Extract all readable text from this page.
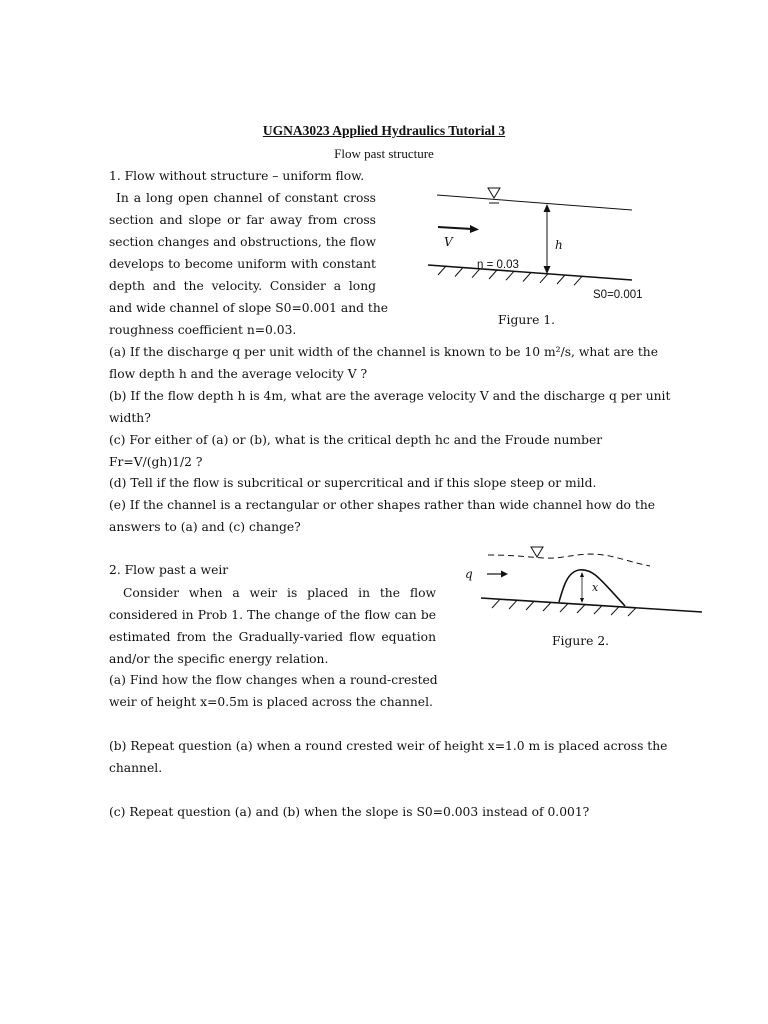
UGNA3023 Applied Hydraulics Tutorial 3
Flow past structure
1. Flow without structure – uniform flow.
In a long open channel of constant cross
section and slope or far away from cross
section changes and obstructions, the flow
develops to become uniform with constant
depth and the velocity. Consider a long
and wide channel of slope S0=0.001 and the
roughness coefficient n=0.03.
(a) If the discharge q per unit width of the channel is known to be 10 m²/s, what are the
flow depth h and the average velocity V ?
(b) If the flow depth h is 4m, what are the average velocity V and the discharge q per unit
width?
(c) For either of (a) or (b), what is the critical depth hc and the Froude number
Fr=V/(gh)1/2 ?
(d) Tell if the flow is subcritical or supercritical and if this slope steep or mild.
(e) If the channel is a rectangular or other shapes rather than wide channel how do the
answers to (a) and (c) change?
V	h
n = 0.03
S0=0.001
Figure 1.
2. Flow past a weir
Consider when a weir is placed in the flow
considered in Prob 1. The change of the flow can be
estimated from the Gradually-varied flow equation
and/or the specific energy relation.
(a) Find how the flow changes when a round-crested
weir of height x=0.5m is placed across the channel.
(b) Repeat question (a) when a round crested weir of height x=1.0 m is placed across the
channel.
(c) Repeat question (a) and (b) when the slope is S0=0.003 instead of 0.001?
q
x
Figure 2.
